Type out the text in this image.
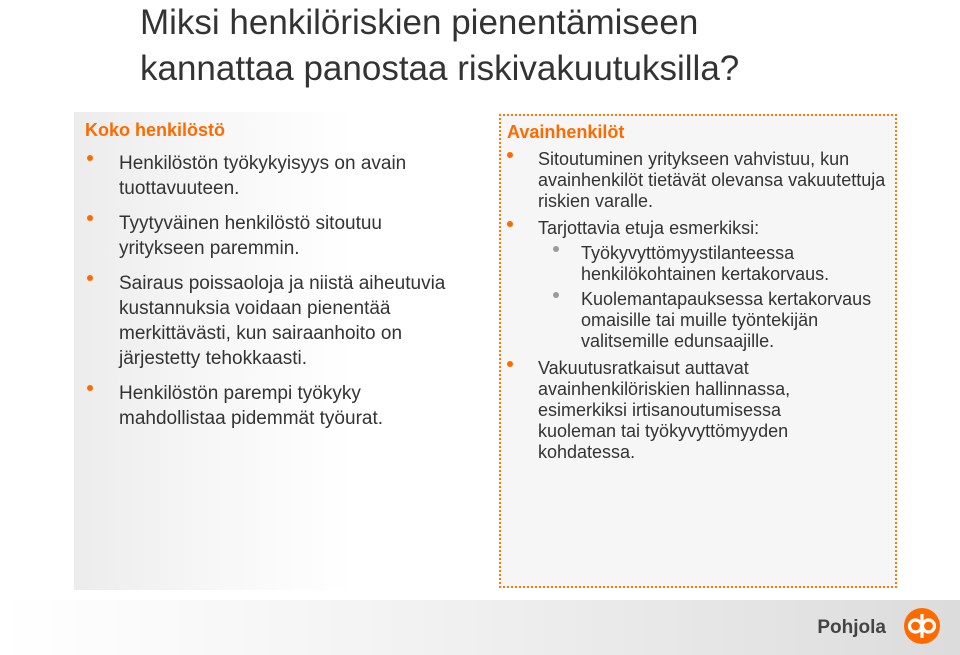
Miksi henkilöriskien pienentämiseen
kannattaa panostaa riskivakuutuksilla?
Koko henkilöstö
Henkilöstön työkykyisyys on avain tuottavuuteen.
Tyytyväinen henkilöstö sitoutuu yritykseen paremmin.
Sairaus poissaoloja ja niistä aiheutuvia kustannuksia voidaan pienentää merkittävästi, kun sairaanhoito on järjestetty tehokkaasti.
Henkilöstön parempi työkyky mahdollistaa pidemmät työurat.
Avainhenkilöt
Sitoutuminen yritykseen vahvistuu, kun avainhenkilöt tietävät olevansa vakuutettuja riskien varalle.
Tarjottavia etuja esmerkiksi:
Työkyvyttömyystilanteessa henkilökohtainen kertakorvaus.
Kuolemantapauksessa kertakorvaus omaisille tai muille työntekijän valitsemille edunsaajille.
Vakuutusratkaisut auttavat avainhenkilöriskien hallinnassa, esimerkiksi irtisanoutumisessa kuoleman tai työkyvyttömyyden kohdatessa.
Pohjola
